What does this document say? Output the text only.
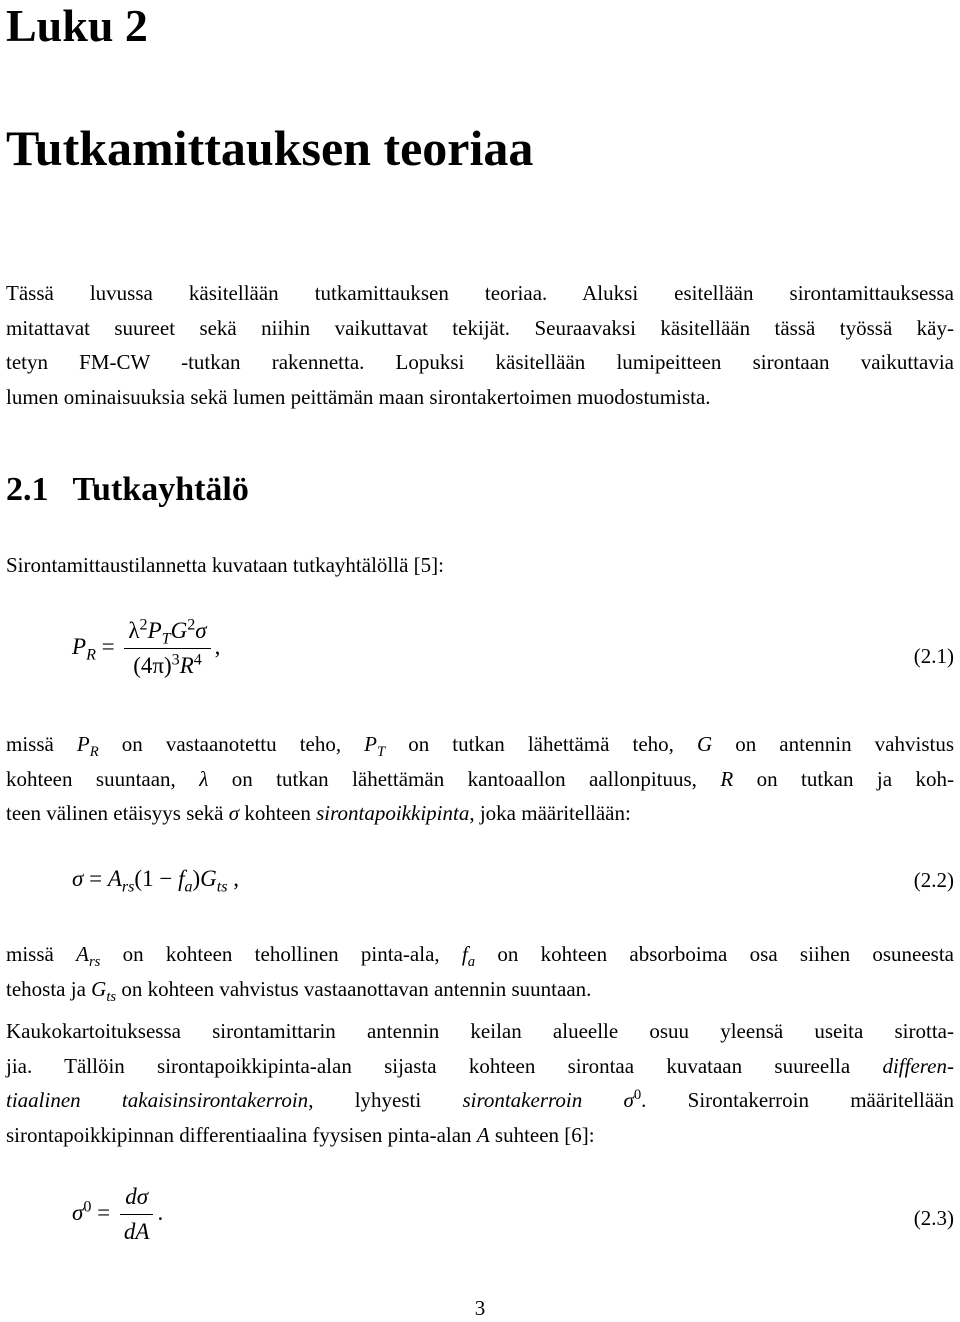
Luku 2
Tutkamittauksen teoriaa
Tässä luvussa käsitellään tutkamittauksen teoriaa. Aluksi esitellään sirontamittauksessa
mitattavat suureet sekä niihin vaikuttavat tekijät. Seuraavaksi käsitellään tässä työssä käy-
tetyn FM-CW -tutkan rakennetta. Lopuksi käsitellään lumipeitteen sirontaan vaikuttavia
lumen ominaisuuksia sekä lumen peittämän maan sirontakertoimen muodostumista.
2.1 Tutkayhtälö
Sirontamittaustilannetta kuvataan tutkayhtälöllä [5]:
$P_R = \frac{\lambda^2P_TG^2\sigma}{(4\pi)^3R^4}$ ,	(2.1)
missä $P_R$ on vastaanotettu teho, $P_T$ on tutkan lähettämä teho, G on antennin vahvistus
kohteen suuntaan, λ on tutkan lähettämän kantoaallon aallonpituus, R on tutkan ja koh-
teen välinen etäisyys sekä σ kohteen sirontapoikkipinta, joka määritellään:
$\sigma = A_{rs}(1 - f_a)G_{ts}$ ,	(2.2)
missä $A_{rs}$ on kohteen tehollinen pinta-ala, $f_a$ on kohteen absorboima osa siihen osuneesta
tehosta ja $G_{ts}$ on kohteen vahvistus vastaanottavan antennin suuntaan.
Kaukokartoituksessa sirontamittarin antennin keilan alueelle osuu yleensä useita sirotta-
jia. Tällöin sirontapoikkipinta-alan sijasta kohteen sirontaa kuvataan suureella differen-
tiaalinen takaisinsirontakerroin, lyhyesti sirontakerroin $\sigma^0$. Sirontakerroin määritellään
sirontapoikkipinnan differentiaalina fyysisen pinta-alan A suhteen [6]:
$\sigma^0 = \frac{d\sigma}{dA}$ .	(2.3)
3
